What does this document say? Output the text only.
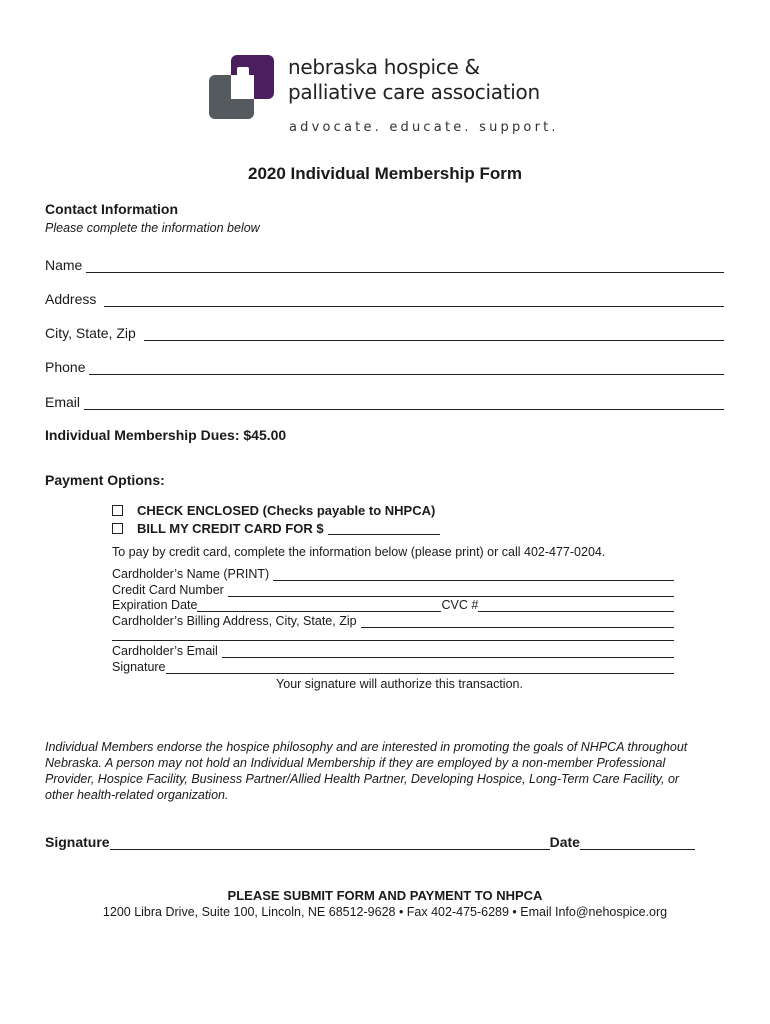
nebraska hospice &
palliative care association
advocate. educate. support.
2020 Individual Membership Form
Contact Information
Please complete the information below
Name
Address
City, State, Zip
Phone
Email
Individual Membership Dues: $45.00
Payment Options:
CHECK ENCLOSED (Checks payable to NHPCA)
BILL MY CREDIT CARD FOR $
To pay by credit card, complete the information below (please print) or call 402-477-0204.
Cardholder’s Name (PRINT)
Credit Card Number
Expiration Date	CVC #
Cardholder’s Billing Address, City, State, Zip
Cardholder’s Email
Signature
Your signature will authorize this transaction.
Individual Members endorse the hospice philosophy and are interested in promoting the goals of NHPCA throughout Nebraska. A person may not hold an Individual Membership if they are employed by a non-member Professional Provider, Hospice Facility, Business Partner/Allied Health Partner, Developing Hospice, Long-Term Care Facility, or other health-related organization.
Signature	Date
PLEASE SUBMIT FORM AND PAYMENT TO NHPCA
1200 Libra Drive, Suite 100, Lincoln, NE 68512-9628 • Fax 402-475-6289 • Email Info@nehospice.org
